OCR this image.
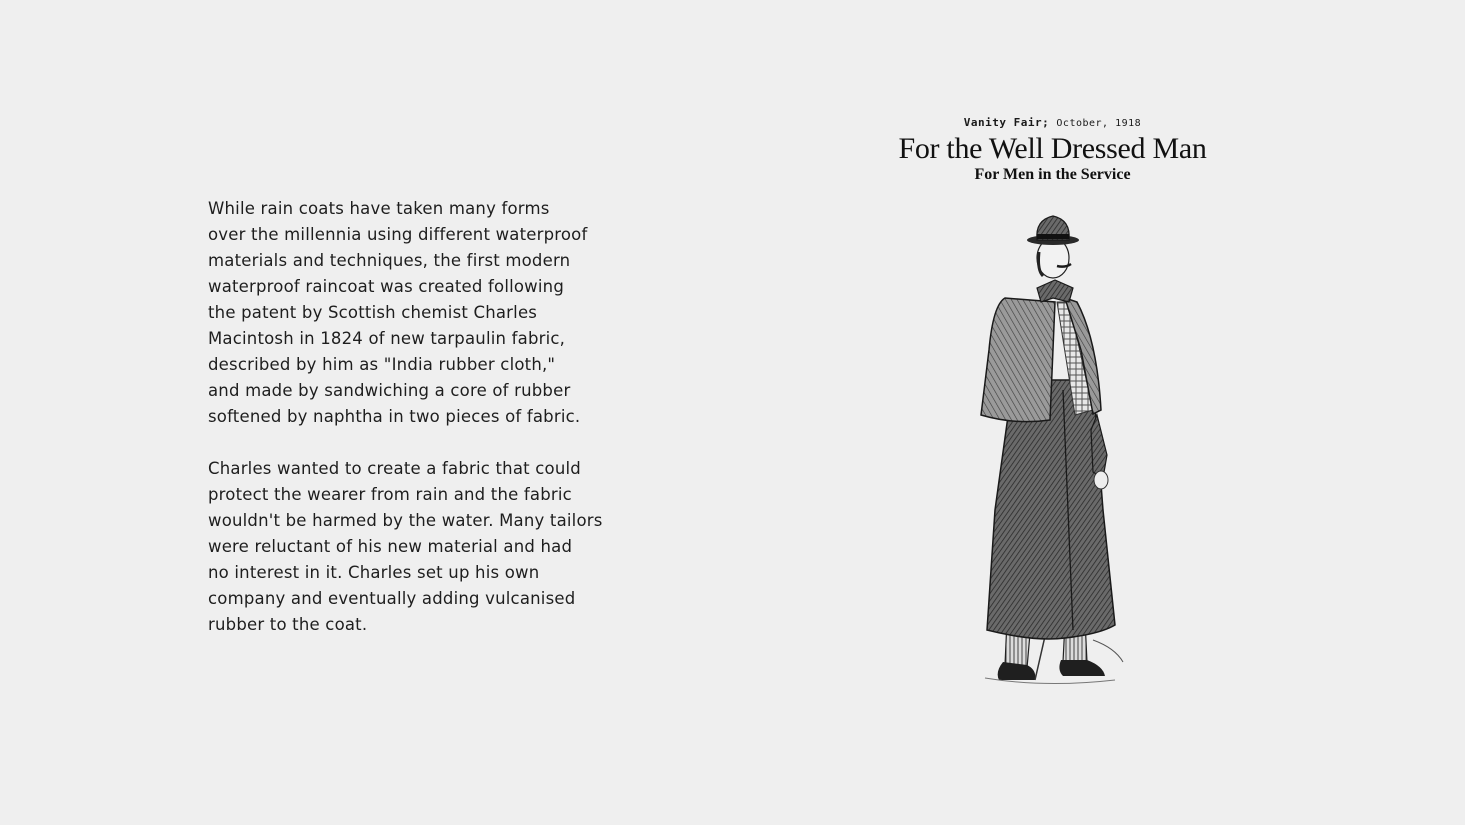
While rain coats have taken many forms
over the millennia using different waterproof
materials and techniques, the first modern
waterproof raincoat was created following
the patent by Scottish chemist Charles
Macintosh in 1824 of new tarpaulin fabric,
described by him as "India rubber cloth,"
and made by sandwiching a core of rubber
softened by naphtha in two pieces of fabric.

Charles wanted to create a fabric that could
protect the wearer from rain and the fabric
wouldn't be harmed by the water. Many tailors
were reluctant of his new material and had
no interest in it. Charles set up his own
company and eventually adding vulcanised
rubber to the coat.

Vanity Fair; October, 1918
For the Well Dressed Man
For Men in the Service
